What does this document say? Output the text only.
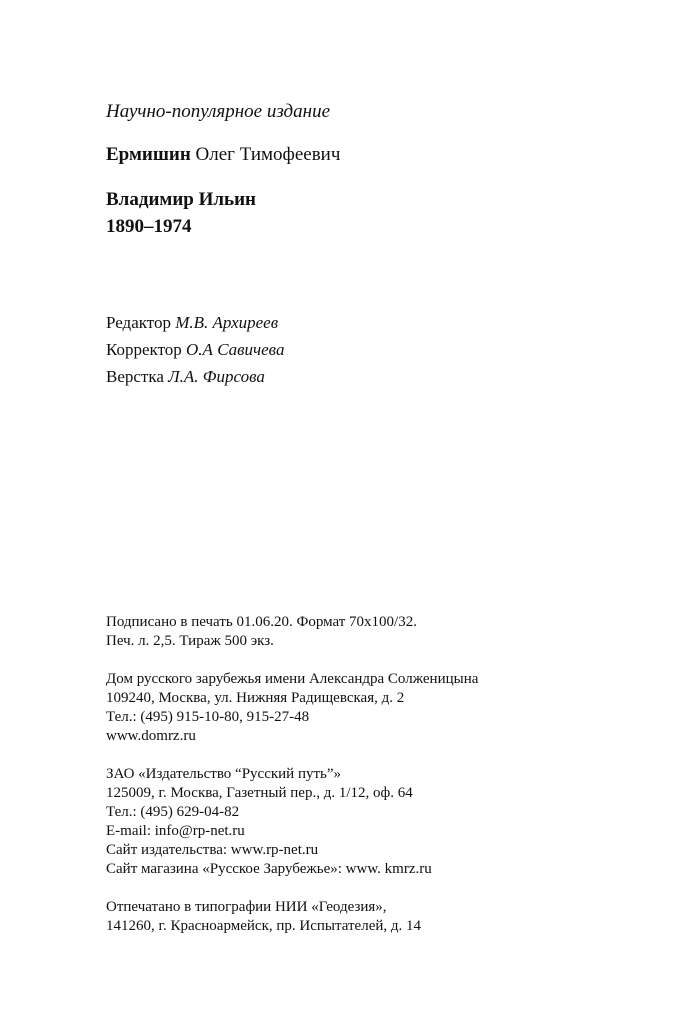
Научно-популярное издание
Ермишин Олег Тимофеевич
Владимир Ильин
1890–1974
Редактор М.В. Архиреев
Корректор О.А Савичева
Верстка Л.А. Фирсова
Подписано в печать 01.06.20. Формат 70x100/32.
Печ. л. 2,5. Тираж 500 экз.
Дом русского зарубежья имени Александра Солженицына
109240, Москва, ул. Нижняя Радищевская, д. 2
Тел.: (495) 915-10-80, 915-27-48
www.domrz.ru
ЗАО «Издательство “Русский путь”»
125009, г. Москва, Газетный пер., д. 1/12, оф. 64
Тел.: (495) 629-04-82
E-mail: info@rp-net.ru
Сайт издательства: www.rp-net.ru
Сайт магазина «Русское Зарубежье»: www. kmrz.ru
Отпечатано в типографии НИИ «Геодезия»,
141260, г. Красноармейск, пр. Испытателей, д. 14
